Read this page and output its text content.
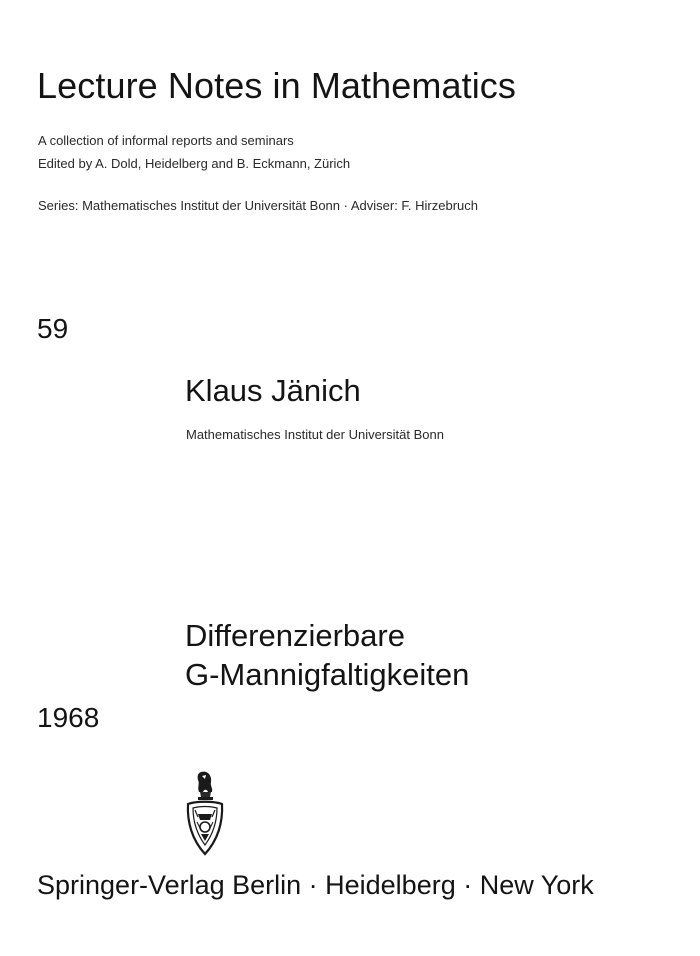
Lecture Notes in Mathematics
A collection of informal reports and seminars
Edited by A. Dold, Heidelberg and B. Eckmann, Zürich
Series: Mathematisches Institut der Universität Bonn · Adviser: F. Hirzebruch
59
Klaus Jänich
Mathematisches Institut der Universität Bonn
Differenzierbare
G-Mannigfaltigkeiten
1968
Springer-Verlag Berlin · Heidelberg · New York
